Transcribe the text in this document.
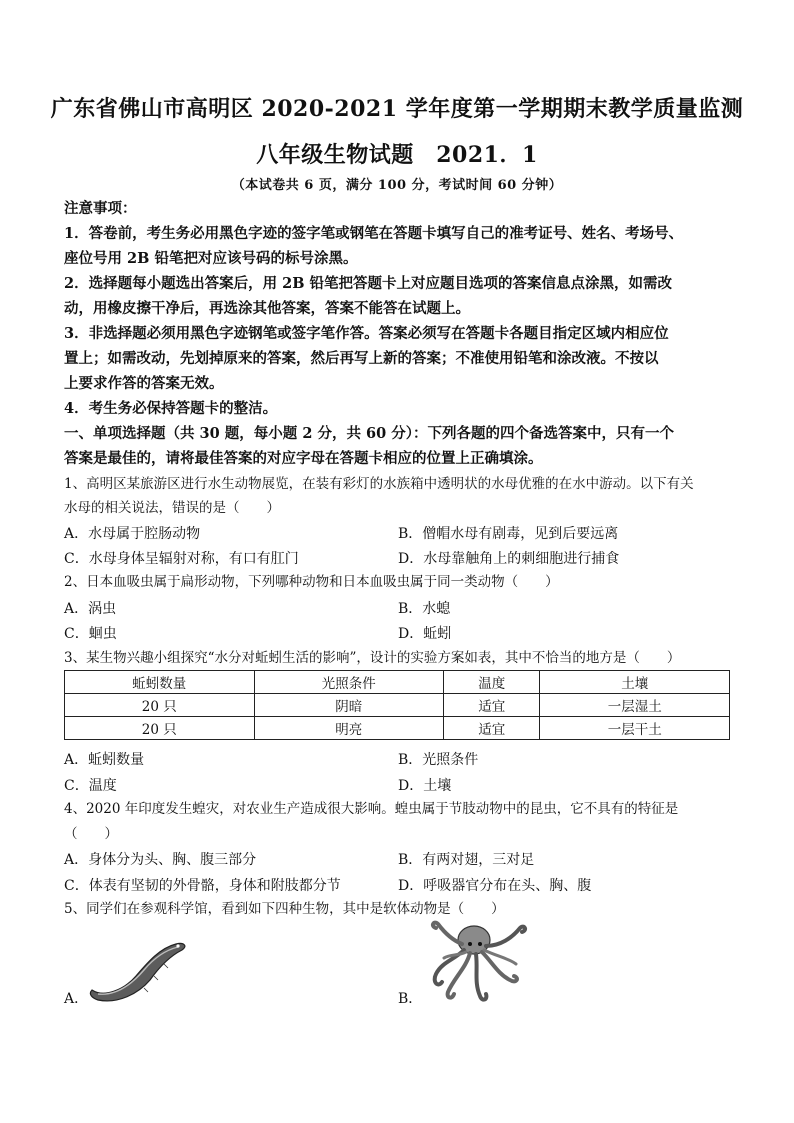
广东省佛山市高明区 2020-2021 学年度第一学期期末教学质量监测
八年级生物试题　2021．1
（本试卷共 6 页，满分 100 分，考试时间 60 分钟）
注意事项：
1．答卷前，考生务必用黑色字迹的签字笔或钢笔在答题卡填写自己的准考证号、姓名、考场号、
座位号用 2B 铅笔把对应该号码的标号涂黑。
2．选择题每小题选出答案后，用 2B 铅笔把答题卡上对应题目选项的答案信息点涂黑，如需改
动，用橡皮擦干净后，再选涂其他答案，答案不能答在试题上。
3．非选择题必须用黑色字迹钢笔或签字笔作答。答案必须写在答题卡各题目指定区域内相应位
置上；如需改动，先划掉原来的答案，然后再写上新的答案；不准使用铅笔和涂改液。不按以
上要求作答的答案无效。
4．考生务必保持答题卡的整洁。
一、单项选择题（共 30 题，每小题 2 分，共 60 分）：下列各题的四个备选答案中，只有一个
答案是最佳的，请将最佳答案的对应字母在答题卡相应的位置上正确填涂。
1、高明区某旅游区进行水生动物展览，在装有彩灯的水族箱中透明状的水母优雅的在水中游动。以下有关
水母的相关说法，错误的是（　　）
A．水母属于腔肠动物	B．僧帽水母有剧毒，见到后要远离
C．水母身体呈辐射对称，有口有肛门	D．水母靠触角上的刺细胞进行捕食
2、日本血吸虫属于扁形动物，下列哪种动物和日本血吸虫属于同一类动物（　　）
A．涡虫	B．水螅
C．蛔虫	D．蚯蚓
3、某生物兴趣小组探究“水分对蚯蚓生活的影响”，设计的实验方案如表，其中不恰当的地方是（　　）
蚯蚓数量	光照条件	温度	土壤
20 只	阴暗	适宜	一层湿土
20 只	明亮	适宜	一层干土
A．蚯蚓数量	B．光照条件
C．温度	D．土壤
4、2020 年印度发生蝗灾，对农业生产造成很大影响。蝗虫属于节肢动物中的昆虫，它不具有的特征是
（　　）
A．身体分为头、胸、腹三部分	B．有两对翅，三对足
C．体表有坚韧的外骨骼，身体和附肢都分节	D．呼吸器官分布在头、胸、腹
5、同学们在参观科学馆，看到如下四种生物，其中是软体动物是（　　）
A．	B．
